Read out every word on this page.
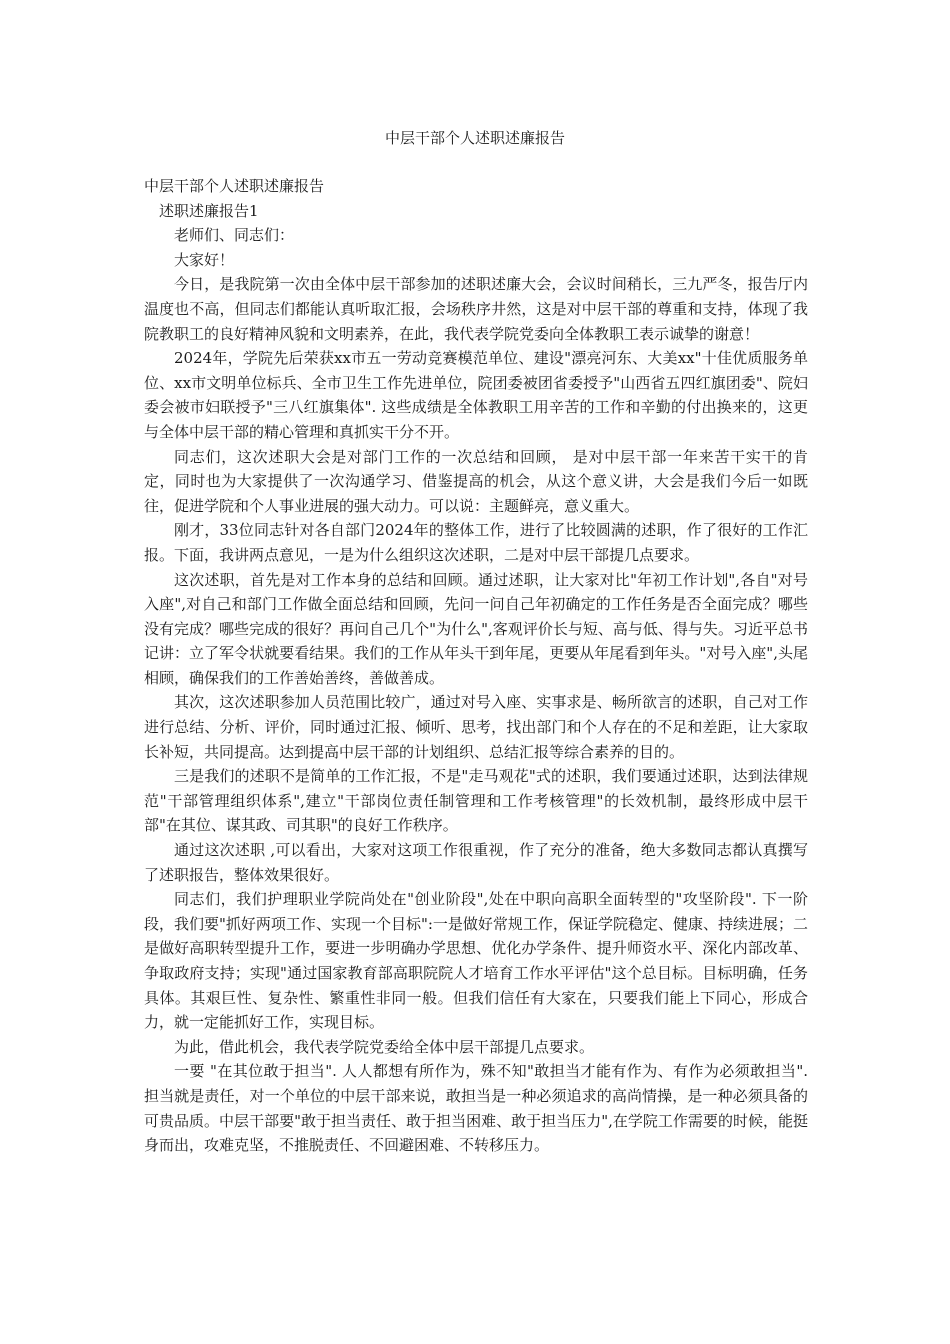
中层干部个人述职述廉报告

中层干部个人述职述廉报告

述职述廉报告1

老师们、同志们：

大家好！

今日，是我院第一次由全体中层干部参加的述职述廉大会，会议时间稍长，三九严冬，报告厅内温度也不高，但同志们都能认真听取汇报，会场秩序井然，这是对中层干部的尊重和支持，体现了我院教职工的良好精神风貌和文明素养，在此，我代表学院党委向全体教职工表示诚挚的谢意！

2024年，学院先后荣获xx市五一劳动竞赛模范单位、建设"漂亮河东、大美xx"十佳优质服务单位、xx市文明单位标兵、全市卫生工作先进单位，院团委被团省委授予"山西省五四红旗团委"、院妇委会被市妇联授予"三八红旗集体". 这些成绩是全体教职工用辛苦的工作和辛勤的付出换来的，这更与全体中层干部的精心管理和真抓实干分不开。

同志们，这次述职大会是对部门工作的一次总结和回顾， 是对中层干部一年来苦干实干的肯定，同时也为大家提供了一次沟通学习、借鉴提高的机会，从这个意义讲，大会是我们今后一如既往，促进学院和个人事业进展的强大动力。可以说：主题鲜亮，意义重大。

刚才，33位同志针对各自部门2024年的整体工作，进行了比较圆满的述职，作了很好的工作汇报。下面，我讲两点意见，一是为什么组织这次述职，二是对中层干部提几点要求。

这次述职，首先是对工作本身的总结和回顾。通过述职，让大家对比"年初工作计划",各自"对号入座",对自己和部门工作做全面总结和回顾，先问一问自己年初确定的工作任务是否全面完成？哪些没有完成？哪些完成的很好？再问自己几个"为什么",客观评价长与短、高与低、得与失。习近平总书记讲：立了军令状就要看结果。我们的工作从年头干到年尾，更要从年尾看到年头。"对号入座",头尾相顾，确保我们的工作善始善终，善做善成。

其次，这次述职参加人员范围比较广，通过对号入座、实事求是、畅所欲言的述职，自己对工作进行总结、分析、评价，同时通过汇报、倾听、思考，找出部门和个人存在的不足和差距，让大家取长补短，共同提高。达到提高中层干部的计划组织、总结汇报等综合素养的目的。

三是我们的述职不是简单的工作汇报，不是"走马观花"式的述职，我们要通过述职，达到法律规范"干部管理组织体系",建立"干部岗位责任制管理和工作考核管理"的长效机制，最终形成中层干部"在其位、谋其政、司其职"的良好工作秩序。

通过这次述职 ,可以看出，大家对这项工作很重视，作了充分的准备，绝大多数同志都认真撰写了述职报告，整体效果很好。

同志们，我们护理职业学院尚处在"创业阶段",处在中职向高职全面转型的"攻坚阶段". 下一阶段，我们要"抓好两项工作、实现一个目标":一是做好常规工作，保证学院稳定、健康、持续进展；二是做好高职转型提升工作，要进一步明确办学思想、优化办学条件、提升师资水平、深化内部改革、争取政府支持；实现"通过国家教育部高职院院人才培育工作水平评估"这个总目标。目标明确，任务具体。其艰巨性、复杂性、繁重性非同一般。但我们信任有大家在，只要我们能上下同心，形成合力，就一定能抓好工作，实现目标。

为此，借此机会，我代表学院党委给全体中层干部提几点要求。

一要 "在其位敢于担当". 人人都想有所作为，殊不知"敢担当才能有作为、有作为必须敢担当". 担当就是责任，对一个单位的中层干部来说，敢担当是一种必须追求的高尚情操，是一种必须具备的可贵品质。中层干部要"敢于担当责任、敢于担当困难、敢于担当压力",在学院工作需要的时候，能挺身而出，攻难克坚，不推脱责任、不回避困难、不转移压力。
